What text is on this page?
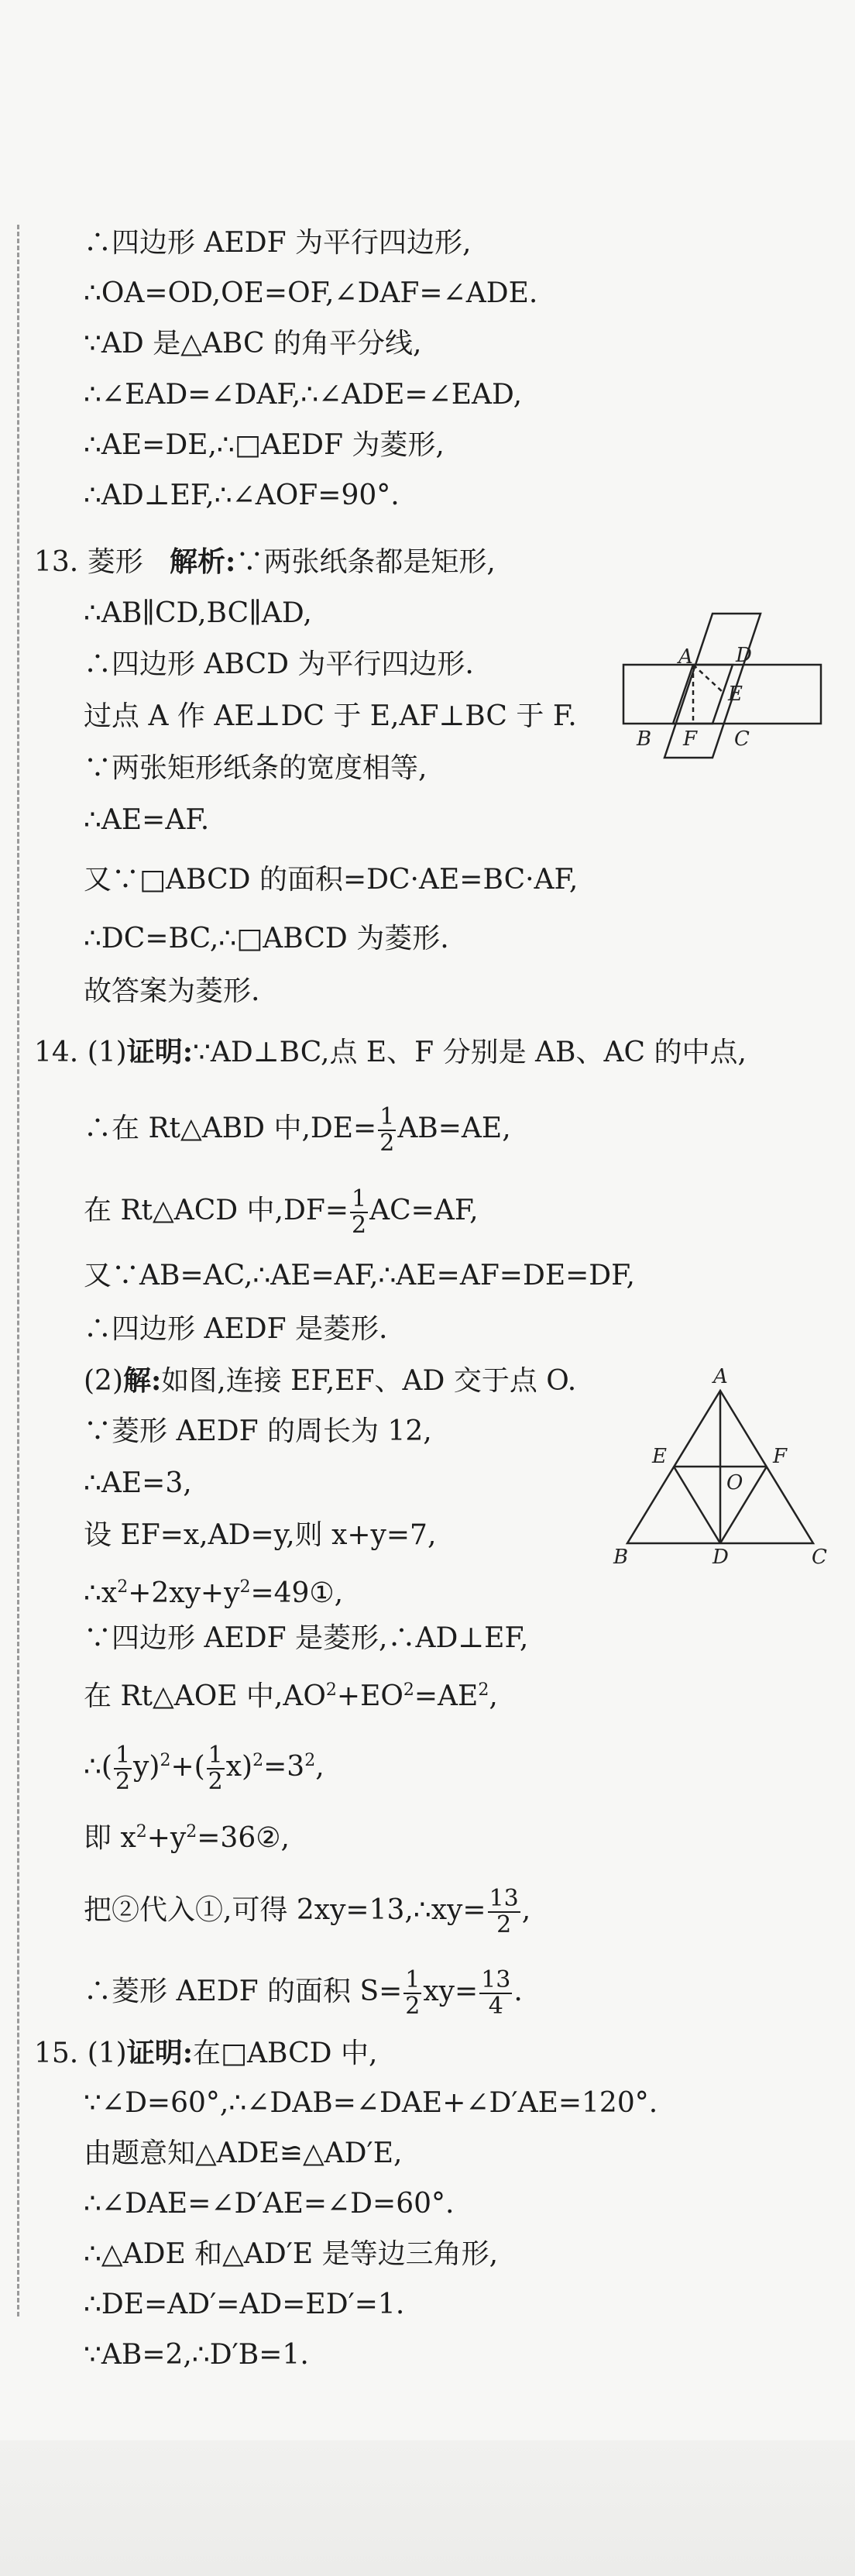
∴四边形 AEDF 为平行四边形,
∴OA=OD,OE=OF,∠DAF=∠ADE.
∵AD 是△ABC 的角平分线,
∴∠EAD=∠DAF,∴∠ADE=∠EAD,
∴AE=DE,∴□AEDF 为菱形,
∴AD⊥EF,∴∠AOF=90°.
13. 菱形 解析:∵两张纸条都是矩形,
∴AB∥CD,BC∥AD,
∴四边形 ABCD 为平行四边形.
过点 A 作 AE⊥DC 于 E,AF⊥BC 于 F.
∵两张矩形纸条的宽度相等,
∴AE=AF.
又∵□ABCD 的面积=DC·AE=BC·AF,
∴DC=BC,∴□ABCD 为菱形.
故答案为菱形.
A D
E
B F C
14. (1)证明:∵AD⊥BC,点 E、F 分别是 AB、AC 的中点,
∴在 Rt△ABD 中$,DE= \frac{1}{2} AB=AE$,
在 Rt△ACD 中$,DF= \frac{1}{2} AC=AF$,
又∵AB=AC,∴AE=AF,∴AE=AF=DE=DF,
∴四边形 AEDF 是菱形.
(2)解:如图,连接 EF,EF、AD 交于点 O.
∵菱形 AEDF 的周长为 12,
∴AE=3,
设 EF=x,AD=y,则 x+y=7,
$\therefore x^2+2xy+y^2=49①$,
∵四边形 AEDF 是菱形,∴AD⊥EF,
在 Rt△AOE 中$,AO^2+EO^2=AE^2$,
∴( $\frac{1}{2} y)^2+( \frac{1}{2} x)^2=3^2$,
即 $x^2+y^2=36②$,
把②代入①,可得 2xy=13,∴xy= $\frac{13}{2}$ ,
∴菱形 AEDF 的面积 $S= \frac{1}{2} xy= \frac{13}{4}$ .
A
E	F
O
B	D	C
15. (1)证明:在□ABCD 中,
∵∠D=60°,∴∠DAB=∠DAE+∠D′AE=120°.
由题意知△ADE≌△AD′E,
∴∠DAE=∠D′AE=∠D=60°.
∴△ADE 和△AD′E 是等边三角形,
∴DE=AD′=AD=ED′=1.
∵AB=2,∴D′B=1.
